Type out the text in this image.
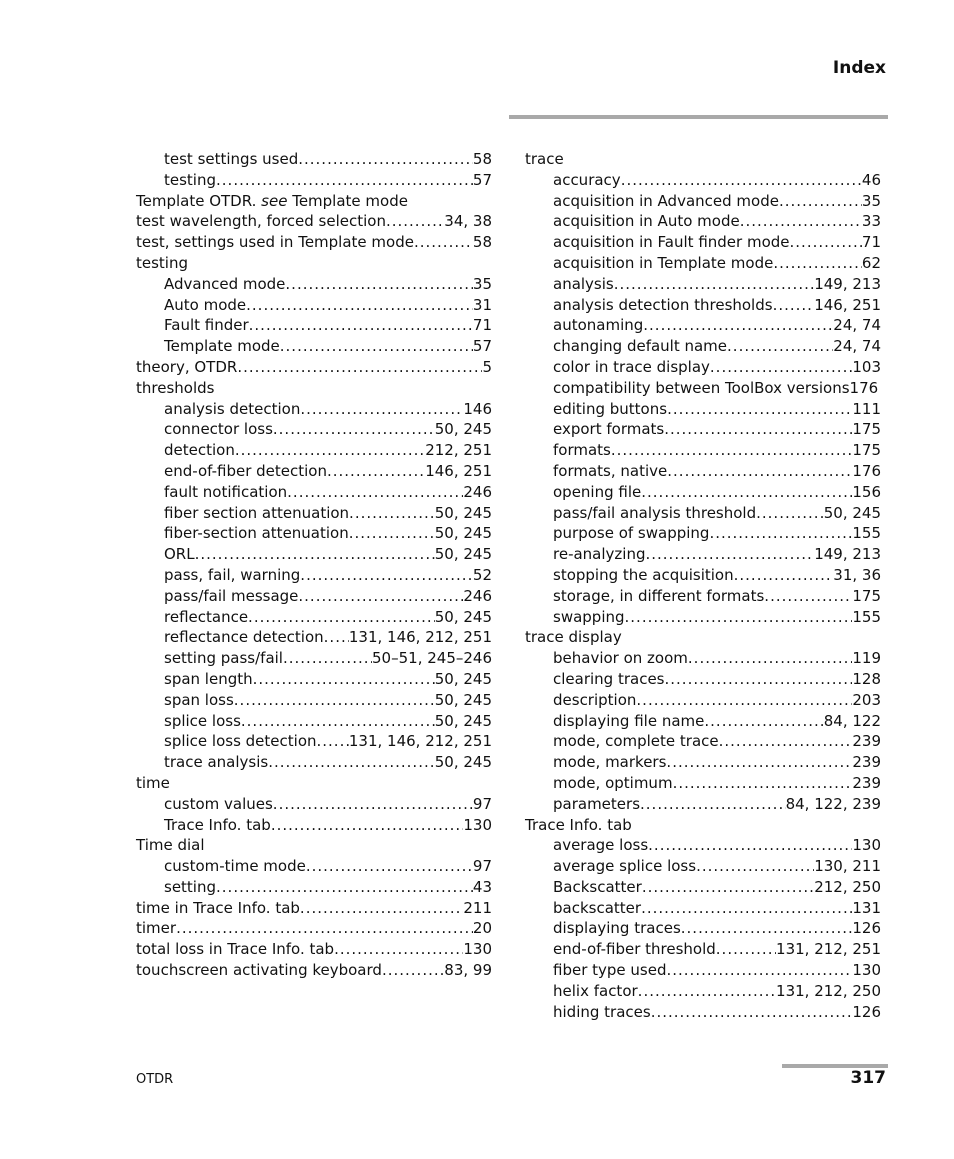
Index
test settings used .....	58
testing .....	57
Template OTDR. see Template mode
test wavelength, forced selection .....	34, 38
test, settings used in Template mode .....	58
testing
Advanced mode .....	35
Auto mode .....	31
Fault finder .....	71
Template mode .....	57
theory, OTDR .....	5
thresholds
analysis detection .....	146
connector loss .....	50, 245
detection .....	212, 251
end-of-fiber detection .....	146, 251
fault notification .....	246
fiber section attenuation .....	50, 245
fiber-section attenuation .....	50, 245
ORL .....	50, 245
pass, fail, warning .....	52
pass/fail message .....	246
reflectance .....	50, 245
reflectance detection ..... 131, 146, 212, 251
setting pass/fail .....	50–51, 245–246
span length .....	50, 245
span loss .....	50, 245
splice loss .....	50, 245
splice loss detection ..... 131, 146, 212, 251
trace analysis .....	50, 245
time
custom values .....	97
Trace Info. tab .....	130
Time dial
custom-time mode .....	97
setting .....	43
time in Trace Info. tab .....	211
timer .....	20
total loss in Trace Info. tab .....	130
touchscreen activating keyboard .....	83, 99
trace
accuracy .....	46
acquisition in Advanced mode .....	35
acquisition in Auto mode .....	33
acquisition in Fault finder mode .....	71
acquisition in Template mode .....	62
analysis .....	149, 213
analysis detection thresholds .....	146, 251
autonaming .....	24, 74
changing default name .....	24, 74
color in trace display .....	103
compatibility between ToolBox versions 176
editing buttons .....	111
export formats .....	175
formats .....	175
formats, native .....	176
opening file .....	156
pass/fail analysis threshold .....	50, 245
purpose of swapping .....	155
re-analyzing .....	149, 213
stopping the acquisition .....	31, 36
storage, in different formats .....	175
swapping .....	155
trace display
behavior on zoom .....	119
clearing traces .....	128
description .....	203
displaying file name .....	84, 122
mode, complete trace .....	239
mode, markers .....	239
mode, optimum .....	239
parameters .....	84, 122, 239
Trace Info. tab
average loss .....	130
average splice loss .....	130, 211
Backscatter .....	212, 250
backscatter .....	131
displaying traces .....	126
end-of-fiber threshold .....	131, 212, 251
fiber type used .....	130
helix factor .....	131, 212, 250
hiding traces .....	126
OTDR	317
